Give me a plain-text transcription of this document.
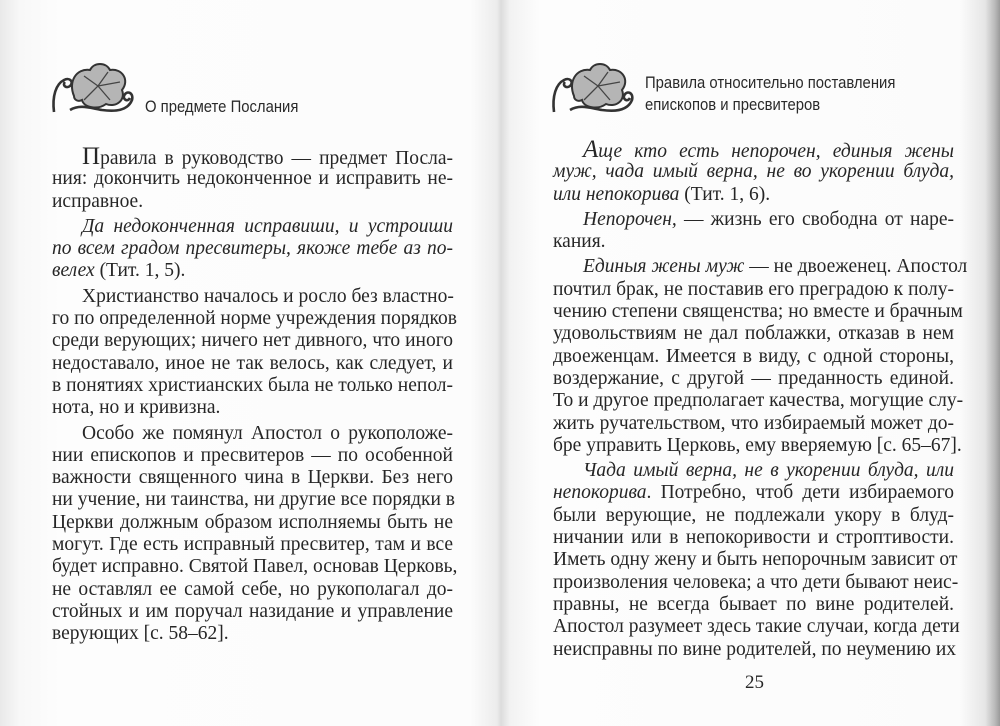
О предмете Послания
Правила относительно поставления
епископов и пресвитеров
Правила в руководство — предмет Посла-
ния: докончить недоконченное и исправить не-
исправное.
Да недоконченная исправиши, и устроиши
по всем градом пресвитеры, якоже тебе аз по-
велех (Тит. 1, 5).
Христианство началось и росло без властно-
го по определенной норме учреждения порядков
среди верующих; ничего нет дивного, что иного
недоставало, иное не так велось, как следует, и
в понятиях христианских была не только непол-
нота, но и кривизна.
Особо же помянул Апостол о рукоположе-
нии епископов и пресвитеров — по особенной
важности священного чина в Церкви. Без него
ни учение, ни таинства, ни другие все порядки в
Церкви должным образом исполняемы быть не
могут. Где есть исправный пресвитер, там и все
будет исправно. Святой Павел, основав Церковь,
не оставлял ее самой себе, но рукополагал до-
стойных и им поручал назидание и управление
верующих [с. 58–62].
Аще кто есть непорочен, единыя жены
муж, чада имый верна, не во укорении блуда,
или непокорива (Тит. 1, 6).
Непорочен, — жизнь его свободна от наре-
кания.
Единыя жены муж — не двоеженец. Апостол
почтил брак, не поставив его преградою к полу-
чению степени священства; но вместе и брачным
удовольствиям не дал поблажки, отказав в нем
двоеженцам. Имеется в виду, с одной стороны,
воздержание, с другой — преданность единой.
То и другое предполагает качества, могущие слу-
жить ручательством, что избираемый может до-
бре управить Церковь, ему вверяемую [с. 65–67].
Чада имый верна, не в укорении блуда, или
непокорива. Потребно, чтоб дети избираемого
были верующие, не подлежали укору в блуд-
ничании или в непокоривости и строптивости.
Иметь одну жену и быть непорочным зависит от
произволения человека; а что дети бывают неис-
правны, не всегда бывает по вине родителей.
Апостол разумеет здесь такие случаи, когда дети
неисправны по вине родителей, по неумению их
25
